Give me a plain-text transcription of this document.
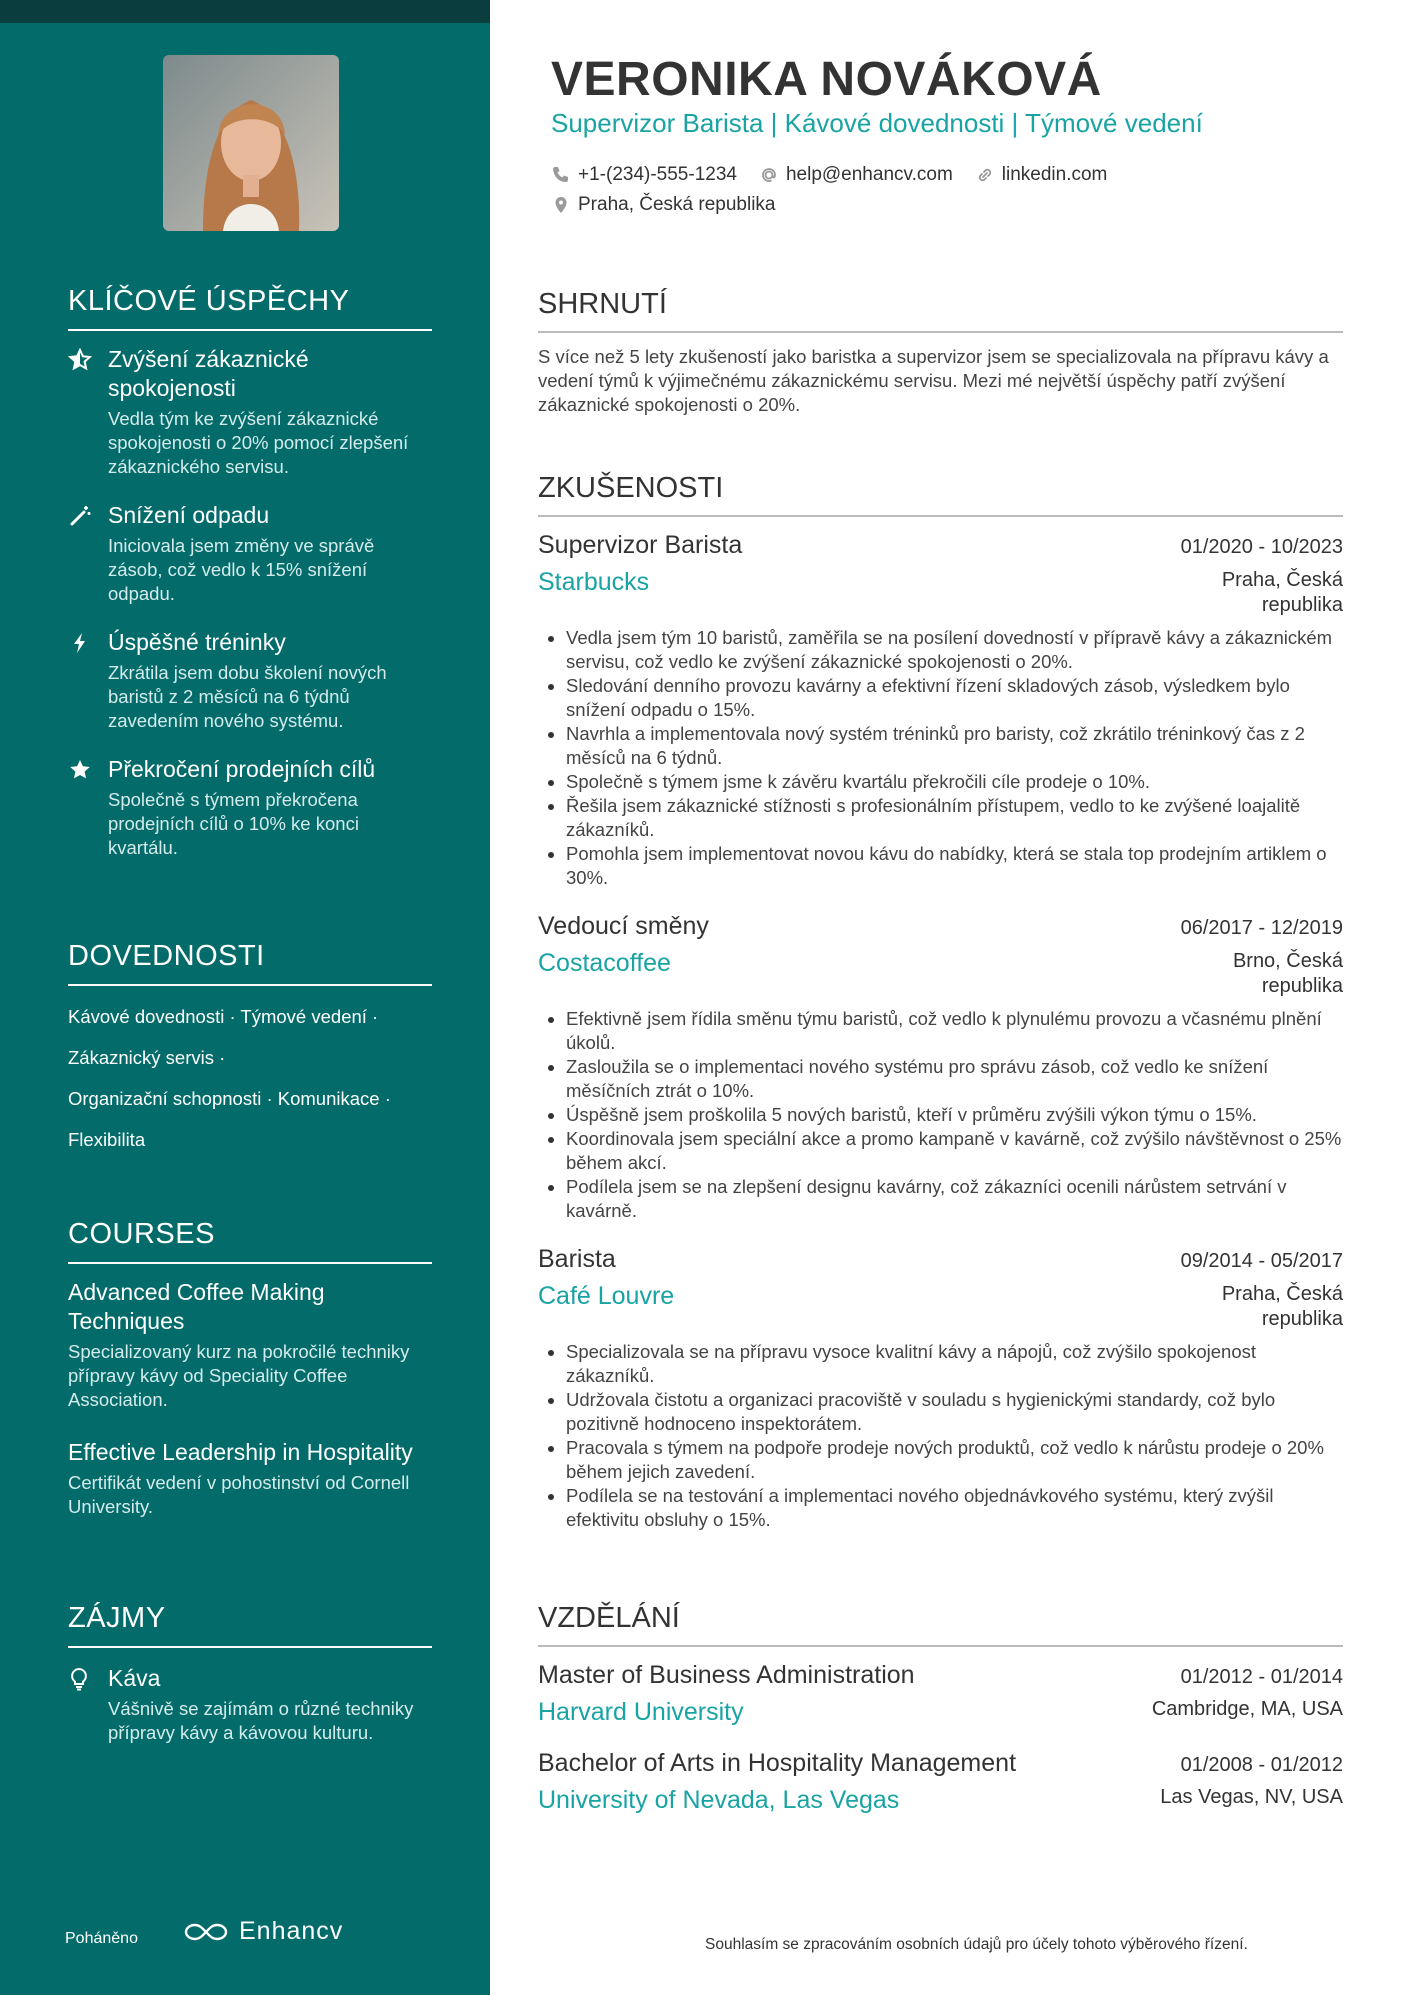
KLÍČOVÉ ÚSPĚCHY
Zvýšení zákaznické spokojenosti
Vedla tým ke zvýšení zákaznické spokojenosti o 20% pomocí zlepšení zákaznického servisu.
Snížení odpadu
Iniciovala jsem změny ve správě zásob, což vedlo k 15% snížení odpadu.
Úspěšné tréninky
Zkrátila jsem dobu školení nových baristů z 2 měsíců na 6 týdnů zavedením nového systému.
Překročení prodejních cílů
Společně s týmem překročena prodejních cílů o 10% ke konci kvartálu.
DOVEDNOSTI
Kávové dovednosti · Týmové vedení ·
Zákaznický servis ·
Organizační schopnosti · Komunikace ·
Flexibilita
COURSES
Advanced Coffee Making Techniques
Specializovaný kurz na pokročilé techniky přípravy kávy od Speciality Coffee Association.
Effective Leadership in Hospitality
Certifikát vedení v pohostinství od Cornell University.
ZÁJMY
Káva
Vášnivě se zajímám o různé techniky přípravy kávy a kávovou kulturu.
Poháněno	Enhancv
VERONIKA NOVÁKOVÁ
Supervizor Barista | Kávové dovednosti | Týmové vedení
+1-(234)-555-1234	help@enhancv.com	linkedin.com
Praha, Česká republika
SHRNUTÍ
S více než 5 lety zkušeností jako baristka a supervizor jsem se specializovala na přípravu kávy a vedení týmů k výjimečnému zákaznickému servisu. Mezi mé největší úspěchy patří zvýšení zákaznické spokojenosti o 20%.
ZKUŠENOSTI
Supervizor Barista	01/2020 - 10/2023
Starbucks	Praha, Česká republika
• Vedla jsem tým 10 baristů, zaměřila se na posílení dovedností v přípravě kávy a zákaznickém servisu, což vedlo ke zvýšení zákaznické spokojenosti o 20%.
• Sledování denního provozu kavárny a efektivní řízení skladových zásob, výsledkem bylo snížení odpadu o 15%.
• Navrhla a implementovala nový systém tréninků pro baristy, což zkrátilo tréninkový čas z 2 měsíců na 6 týdnů.
• Společně s týmem jsme k závěru kvartálu překročili cíle prodeje o 10%.
• Řešila jsem zákaznické stížnosti s profesionálním přístupem, vedlo to ke zvýšené loajalitě zákazníků.
• Pomohla jsem implementovat novou kávu do nabídky, která se stala top prodejním artiklem o 30%.
Vedoucí směny	06/2017 - 12/2019
Costacoffee	Brno, Česká republika
• Efektivně jsem řídila směnu týmu baristů, což vedlo k plynulému provozu a včasnému plnění úkolů.
• Zasloužila se o implementaci nového systému pro správu zásob, což vedlo ke snížení měsíčních ztrát o 10%.
• Úspěšně jsem proškolila 5 nových baristů, kteří v průměru zvýšili výkon týmu o 15%.
• Koordinovala jsem speciální akce a promo kampaně v kavárně, což zvýšilo návštěvnost o 25% během akcí.
• Podílela jsem se na zlepšení designu kavárny, což zákazníci ocenili nárůstem setrvání v kavárně.
Barista	09/2014 - 05/2017
Café Louvre	Praha, Česká republika
• Specializovala se na přípravu vysoce kvalitní kávy a nápojů, což zvýšilo spokojenost zákazníků.
• Udržovala čistotu a organizaci pracoviště v souladu s hygienickými standardy, což bylo pozitivně hodnoceno inspektorátem.
• Pracovala s týmem na podpoře prodeje nových produktů, což vedlo k nárůstu prodeje o 20% během jejich zavedení.
• Podílela se na testování a implementaci nového objednávkového systému, který zvýšil efektivitu obsluhy o 15%.
VZDĚLÁNÍ
Master of Business Administration	01/2012 - 01/2014
Harvard University	Cambridge, MA, USA
Bachelor of Arts in Hospitality Management	01/2008 - 01/2012
University of Nevada, Las Vegas	Las Vegas, NV, USA
Souhlasím se zpracováním osobních údajů pro účely tohoto výběrového řízení.
